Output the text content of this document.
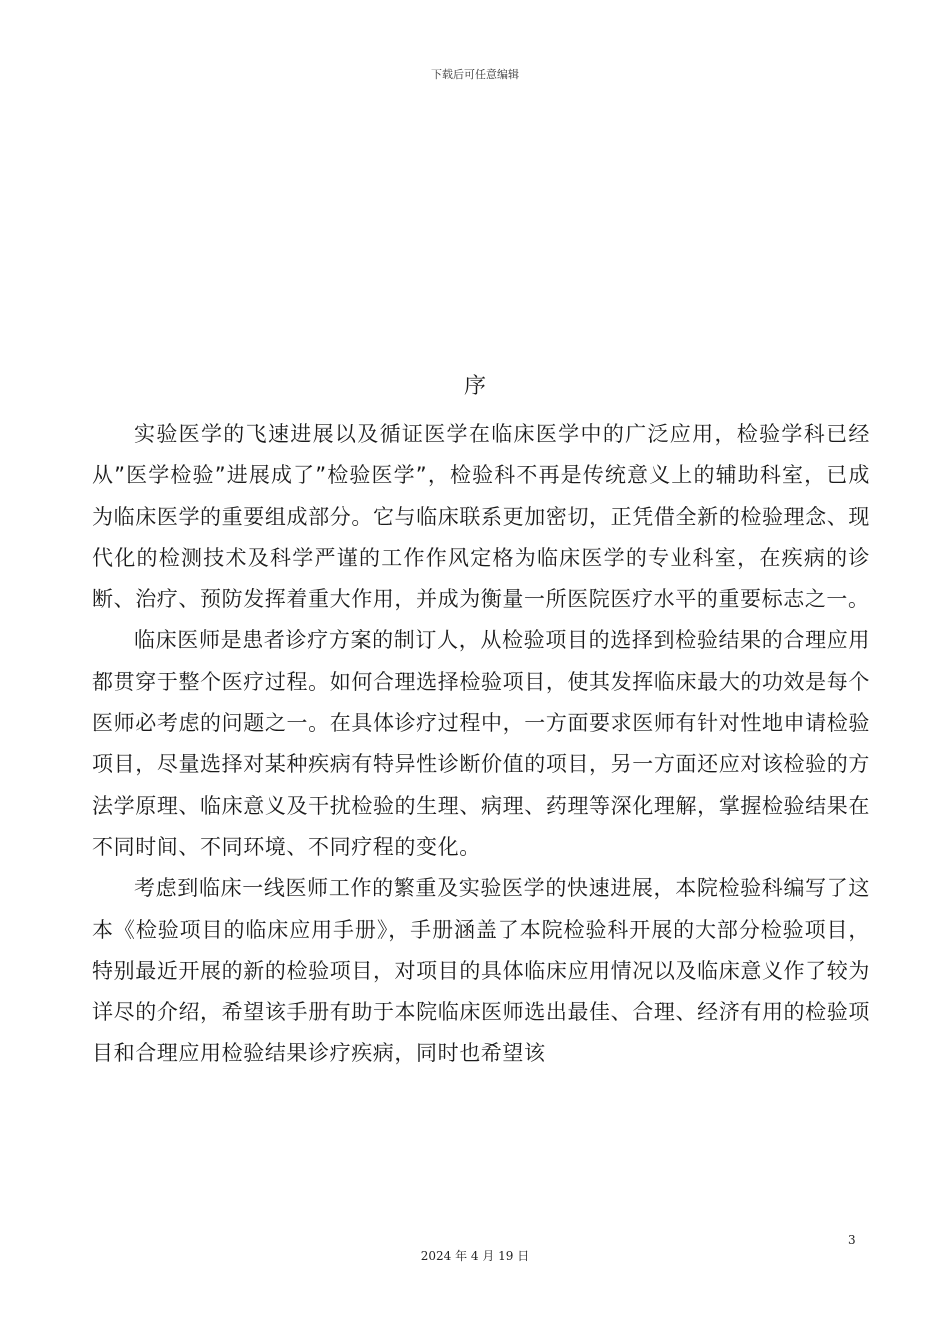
下载后可任意编辑
序

实验医学的飞速进展以及循证医学在临床医学中的广泛应用，检验学科已经从”医学检验”进展成了”检验医学”，检验科不再是传统意义上的辅助科室，已成为临床医学的重要组成部分。它与临床联系更加密切，正凭借全新的检验理念、现代化的检测技术及科学严谨的工作作风定格为临床医学的专业科室，在疾病的诊断、治疗、预防发挥着重大作用，并成为衡量一所医院医疗水平的重要标志之一。

临床医师是患者诊疗方案的制订人，从检验项目的选择到检验结果的合理应用都贯穿于整个医疗过程。如何合理选择检验项目，使其发挥临床最大的功效是每个医师必考虑的问题之一。在具体诊疗过程中，一方面要求医师有针对性地申请检验项目，尽量选择对某种疾病有特异性诊断价值的项目，另一方面还应对该检验的方法学原理、临床意义及干扰检验的生理、病理、药理等深化理解，掌握检验结果在不同时间、不同环境、不同疗程的变化。

考虑到临床一线医师工作的繁重及实验医学的快速进展，本院检验科编写了这本《检验项目的临床应用手册》，手册涵盖了本院检验科开展的大部分检验项目，特别最近开展的新的检验项目，对项目的具体临床应用情况以及临床意义作了较为详尽的介绍，希望该手册有助于本院临床医师选出最佳、合理、经济有用的检验项目和合理应用检验结果诊疗疾病，同时也希望该

3
2024 年 4 月 19 日
